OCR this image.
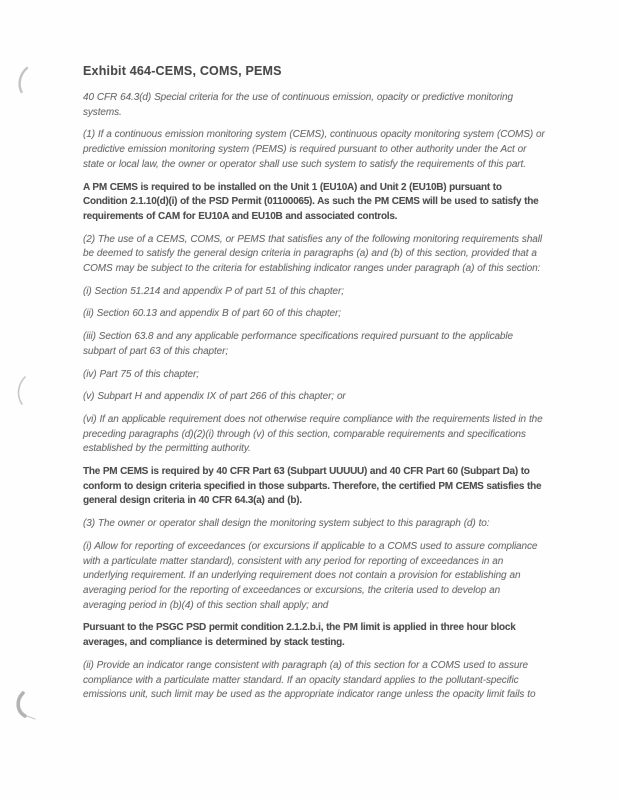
Exhibit 464-CEMS, COMS, PEMS

40 CFR 64.3(d) Special criteria for the use of continuous emission, opacity or predictive monitoring systems.

(1) If a continuous emission monitoring system (CEMS), continuous opacity monitoring system (COMS) or predictive emission monitoring system (PEMS) is required pursuant to other authority under the Act or state or local law, the owner or operator shall use such system to satisfy the requirements of this part.

A PM CEMS is required to be installed on the Unit 1 (EU10A) and Unit 2 (EU10B) pursuant to Condition 2.1.10(d)(i) of the PSD Permit (01100065). As such the PM CEMS will be used to satisfy the requirements of CAM for EU10A and EU10B and associated controls.

(2) The use of a CEMS, COMS, or PEMS that satisfies any of the following monitoring requirements shall be deemed to satisfy the general design criteria in paragraphs (a) and (b) of this section, provided that a COMS may be subject to the criteria for establishing indicator ranges under paragraph (a) of this section:

(i) Section 51.214 and appendix P of part 51 of this chapter;

(ii) Section 60.13 and appendix B of part 60 of this chapter;

(iii) Section 63.8 and any applicable performance specifications required pursuant to the applicable subpart of part 63 of this chapter;

(iv) Part 75 of this chapter;

(v) Subpart H and appendix IX of part 266 of this chapter; or

(vi) If an applicable requirement does not otherwise require compliance with the requirements listed in the preceding paragraphs (d)(2)(i) through (v) of this section, comparable requirements and specifications established by the permitting authority.

The PM CEMS is required by 40 CFR Part 63 (Subpart UUUUU) and 40 CFR Part 60 (Subpart Da) to conform to design criteria specified in those subparts. Therefore, the certified PM CEMS satisfies the general design criteria in 40 CFR 64.3(a) and (b).

(3) The owner or operator shall design the monitoring system subject to this paragraph (d) to:

(i) Allow for reporting of exceedances (or excursions if applicable to a COMS used to assure compliance with a particulate matter standard), consistent with any period for reporting of exceedances in an underlying requirement. If an underlying requirement does not contain a provision for establishing an averaging period for the reporting of exceedances or excursions, the criteria used to develop an averaging period in (b)(4) of this section shall apply; and

Pursuant to the PSGC PSD permit condition 2.1.2.b.i, the PM limit is applied in three hour block averages, and compliance is determined by stack testing.

(ii) Provide an indicator range consistent with paragraph (a) of this section for a COMS used to assure compliance with a particulate matter standard. If an opacity standard applies to the pollutant-specific emissions unit, such limit may be used as the appropriate indicator range unless the opacity limit fails to
